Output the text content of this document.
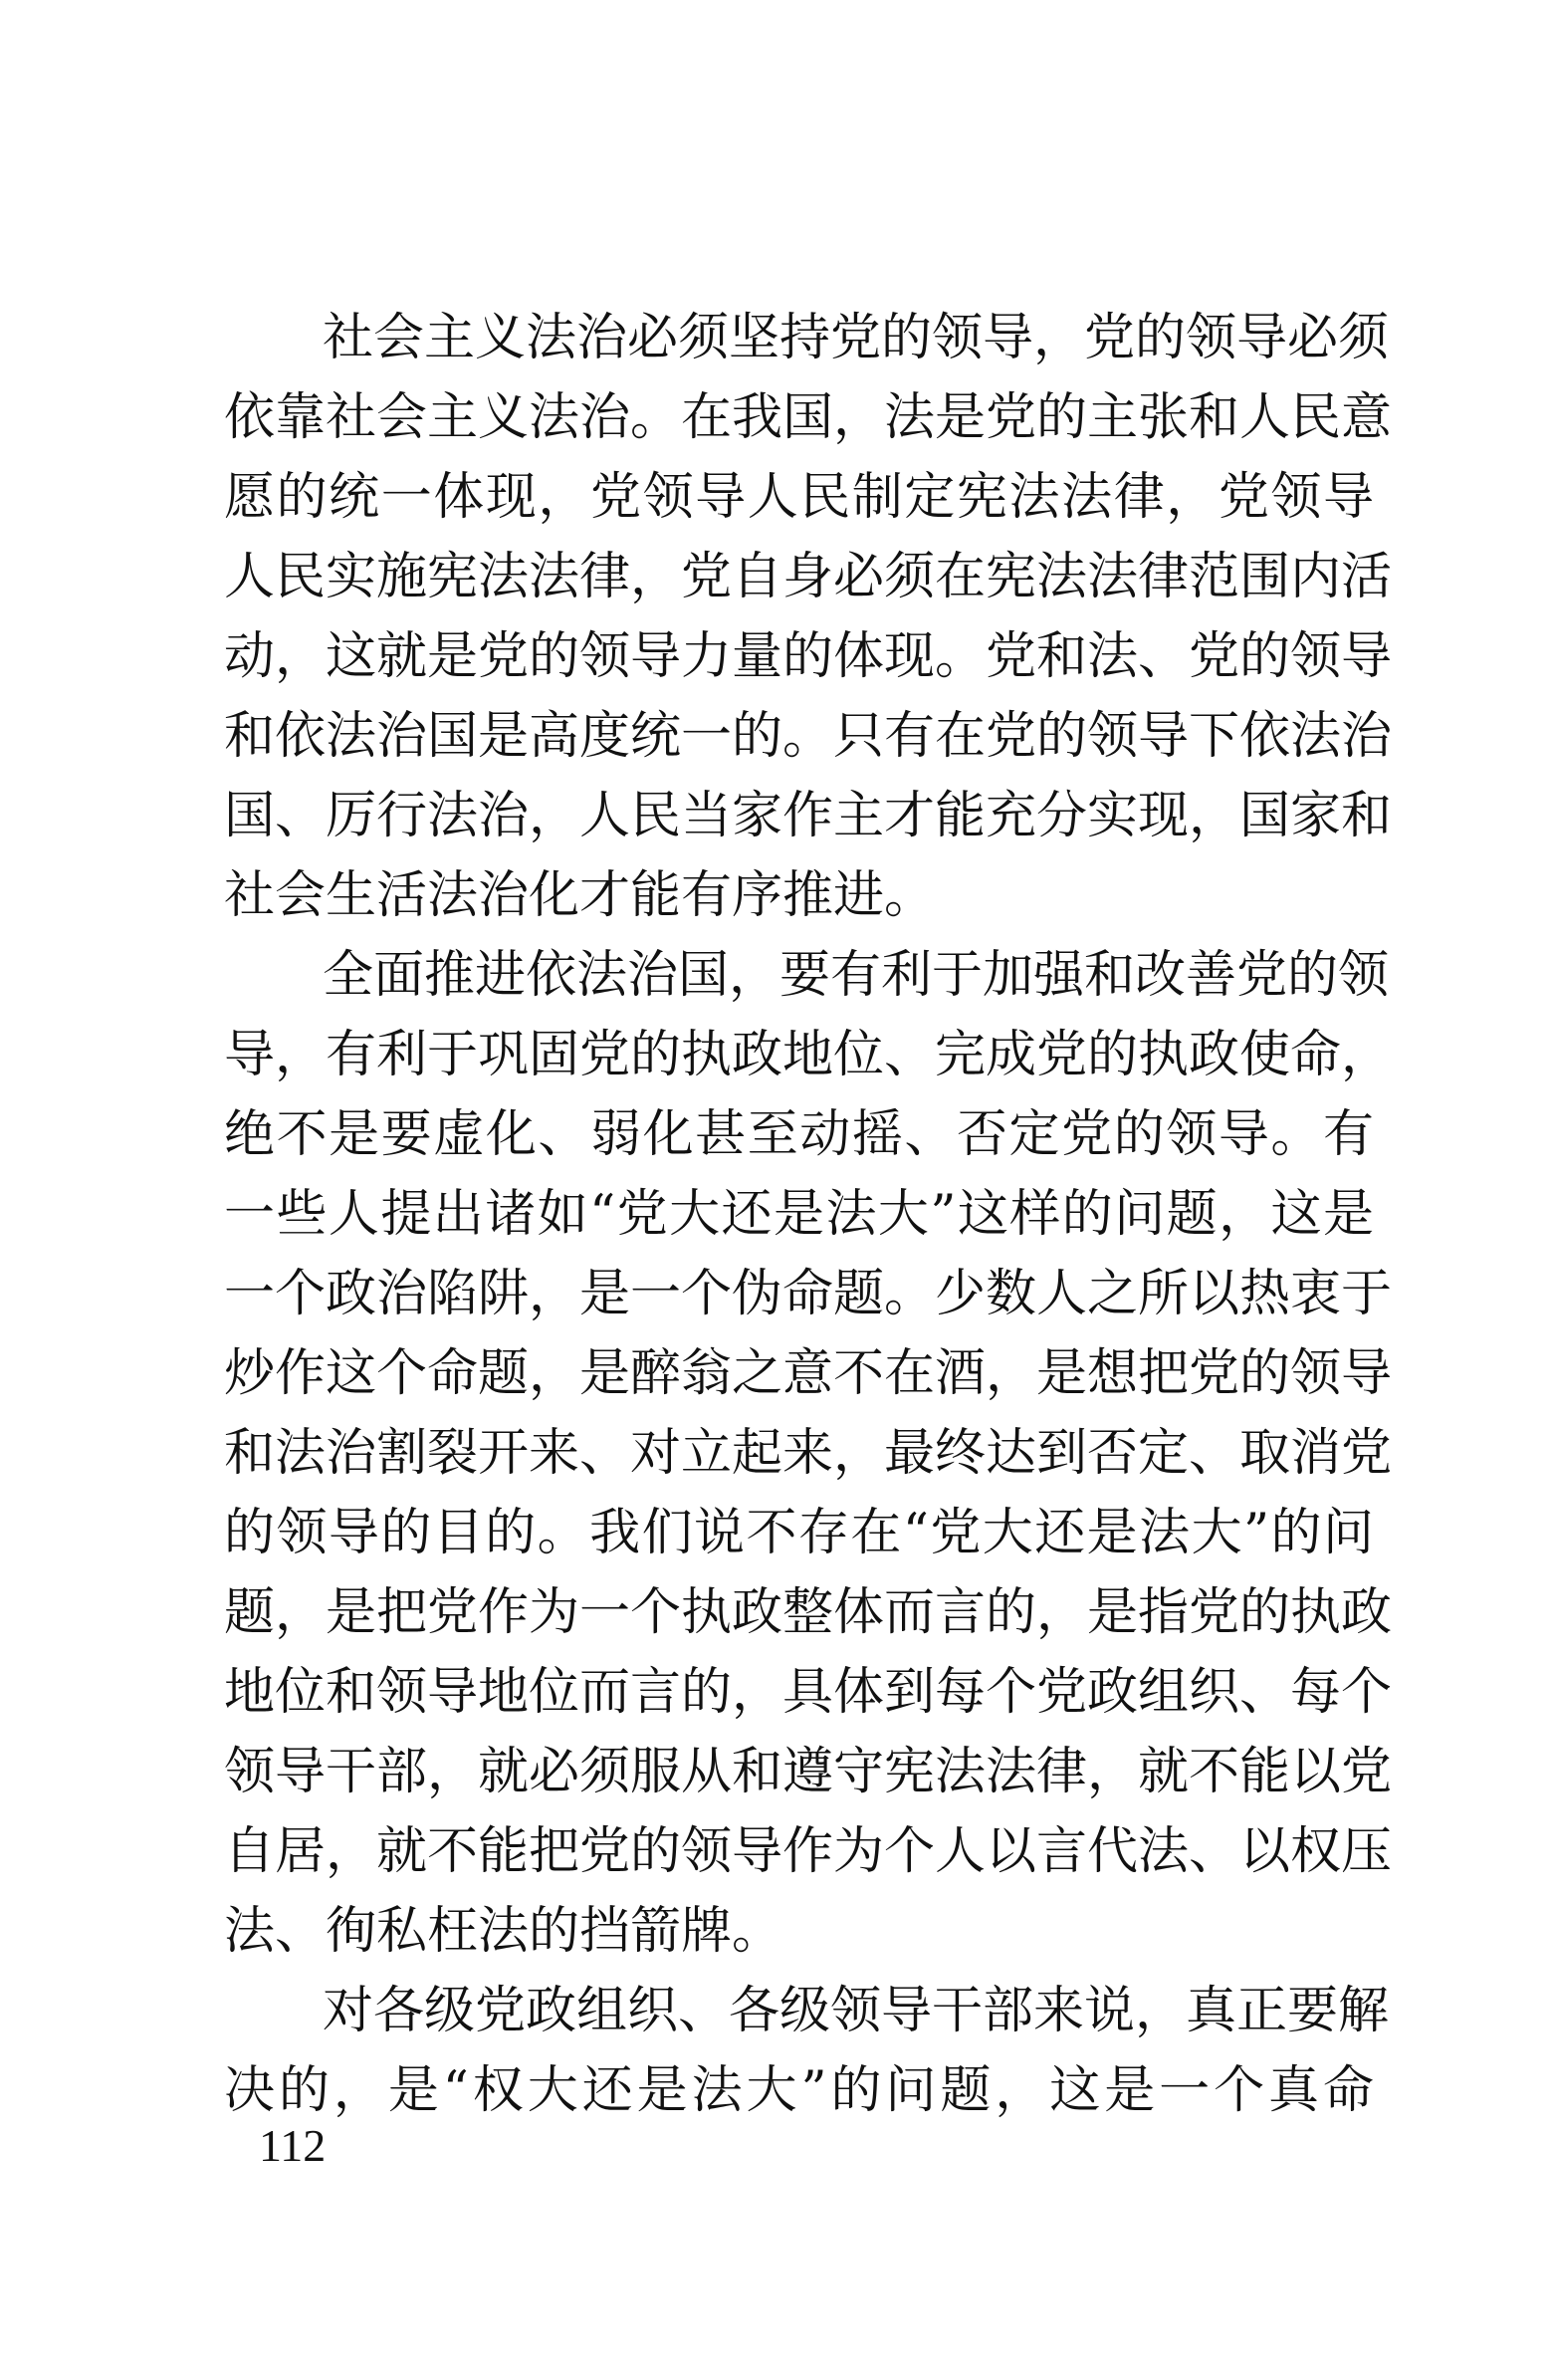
社会主义法治必须坚持党的领导，党的领导必须
依靠社会主义法治。在我国，法是党的主张和人民意
愿的统一体现，党领导人民制定宪法法律，党领导
人民实施宪法法律，党自身必须在宪法法律范围内活
动，这就是党的领导力量的体现。党和法、党的领导
和依法治国是高度统一的。只有在党的领导下依法治
国、厉行法治，人民当家作主才能充分实现，国家和
社会生活法治化才能有序推进。
全面推进依法治国，要有利于加强和改善党的领
导，有利于巩固党的执政地位、完成党的执政使命，
绝不是要虚化、弱化甚至动摇、否定党的领导。有
一些人提出诸如“党大还是法大”这样的问题，这是
一个政治陷阱，是一个伪命题。少数人之所以热衷于
炒作这个命题，是醉翁之意不在酒，是想把党的领导
和法治割裂开来、对立起来，最终达到否定、取消党
的领导的目的。我们说不存在“党大还是法大”的问
题，是把党作为一个执政整体而言的，是指党的执政
地位和领导地位而言的，具体到每个党政组织、每个
领导干部，就必须服从和遵守宪法法律，就不能以党
自居，就不能把党的领导作为个人以言代法、以权压
法、徇私枉法的挡箭牌。
对各级党政组织、各级领导干部来说，真正要解
决的，是“权大还是法大”的问题，这是一个真命
112
